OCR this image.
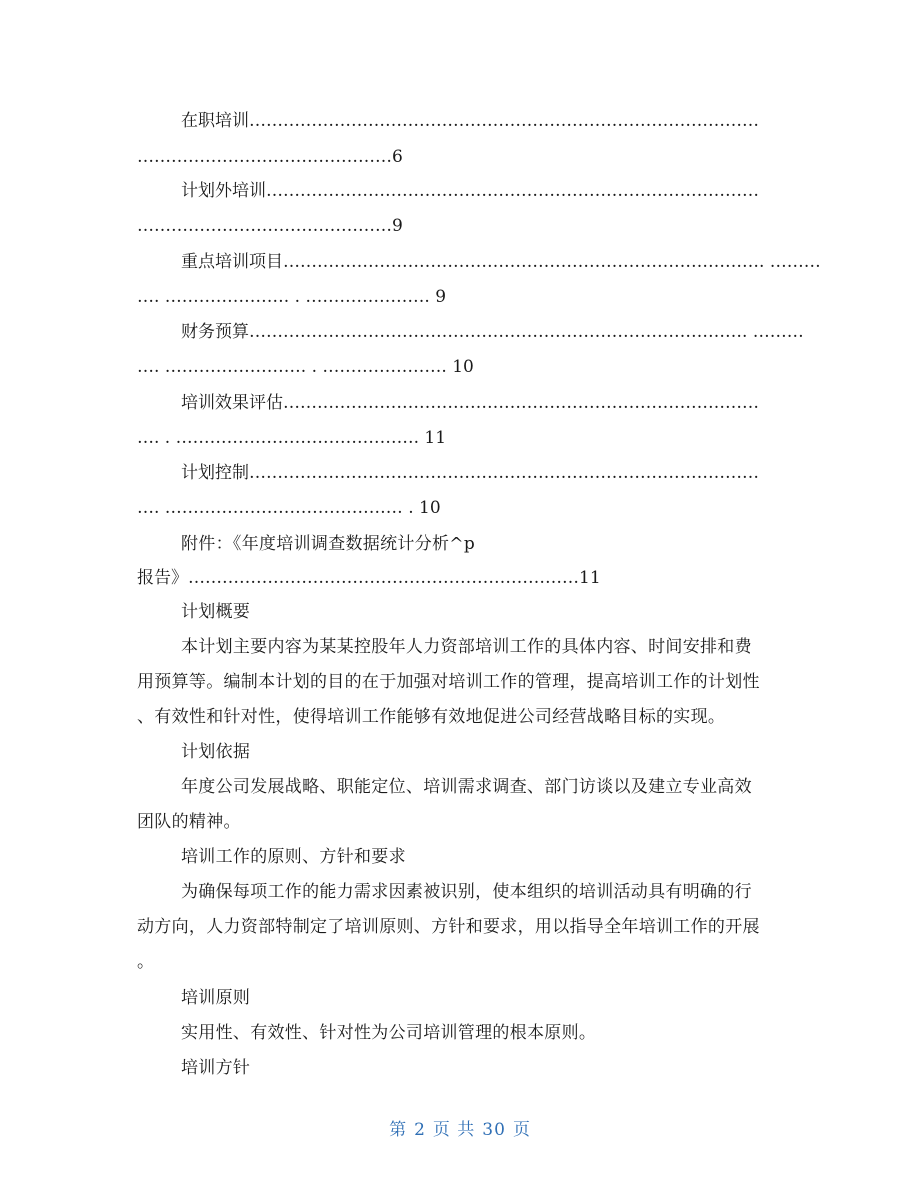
在职培训………………………………………………………………………………
………………………………………6
计划外培训……………………………………………………………………………
………………………………………9
重点培训项目…………………………………………………………………………. ………
…. …………………. . …………………. 9
财务预算……………………………………………………………………………. ………
…. ……………………. . …………………. 10
培训效果评估…………………………………………………………………………
…. . ……………………………………. 11
计划控制………………………………………………………………………………
…. …………………………………… . 10
附件：《年度培训调查数据统计分析^p
报告》……………………………………………………………11
计划概要
本计划主要内容为某某控股年人力资部培训工作的具体内容、时间安排和费
用预算等。编制本计划的目的在于加强对培训工作的管理，提高培训工作的计划性
、有效性和针对性，使得培训工作能够有效地促进公司经营战略目标的实现。
计划依据
年度公司发展战略、职能定位、培训需求调查、部门访谈以及建立专业高效
团队的精神。
培训工作的原则、方针和要求
为确保每项工作的能力需求因素被识别，使本组织的培训活动具有明确的行
动方向，人力资部特制定了培训原则、方针和要求，用以指导全年培训工作的开展
。
培训原则
实用性、有效性、针对性为公司培训管理的根本原则。
培训方针
第 2 页 共 30 页
